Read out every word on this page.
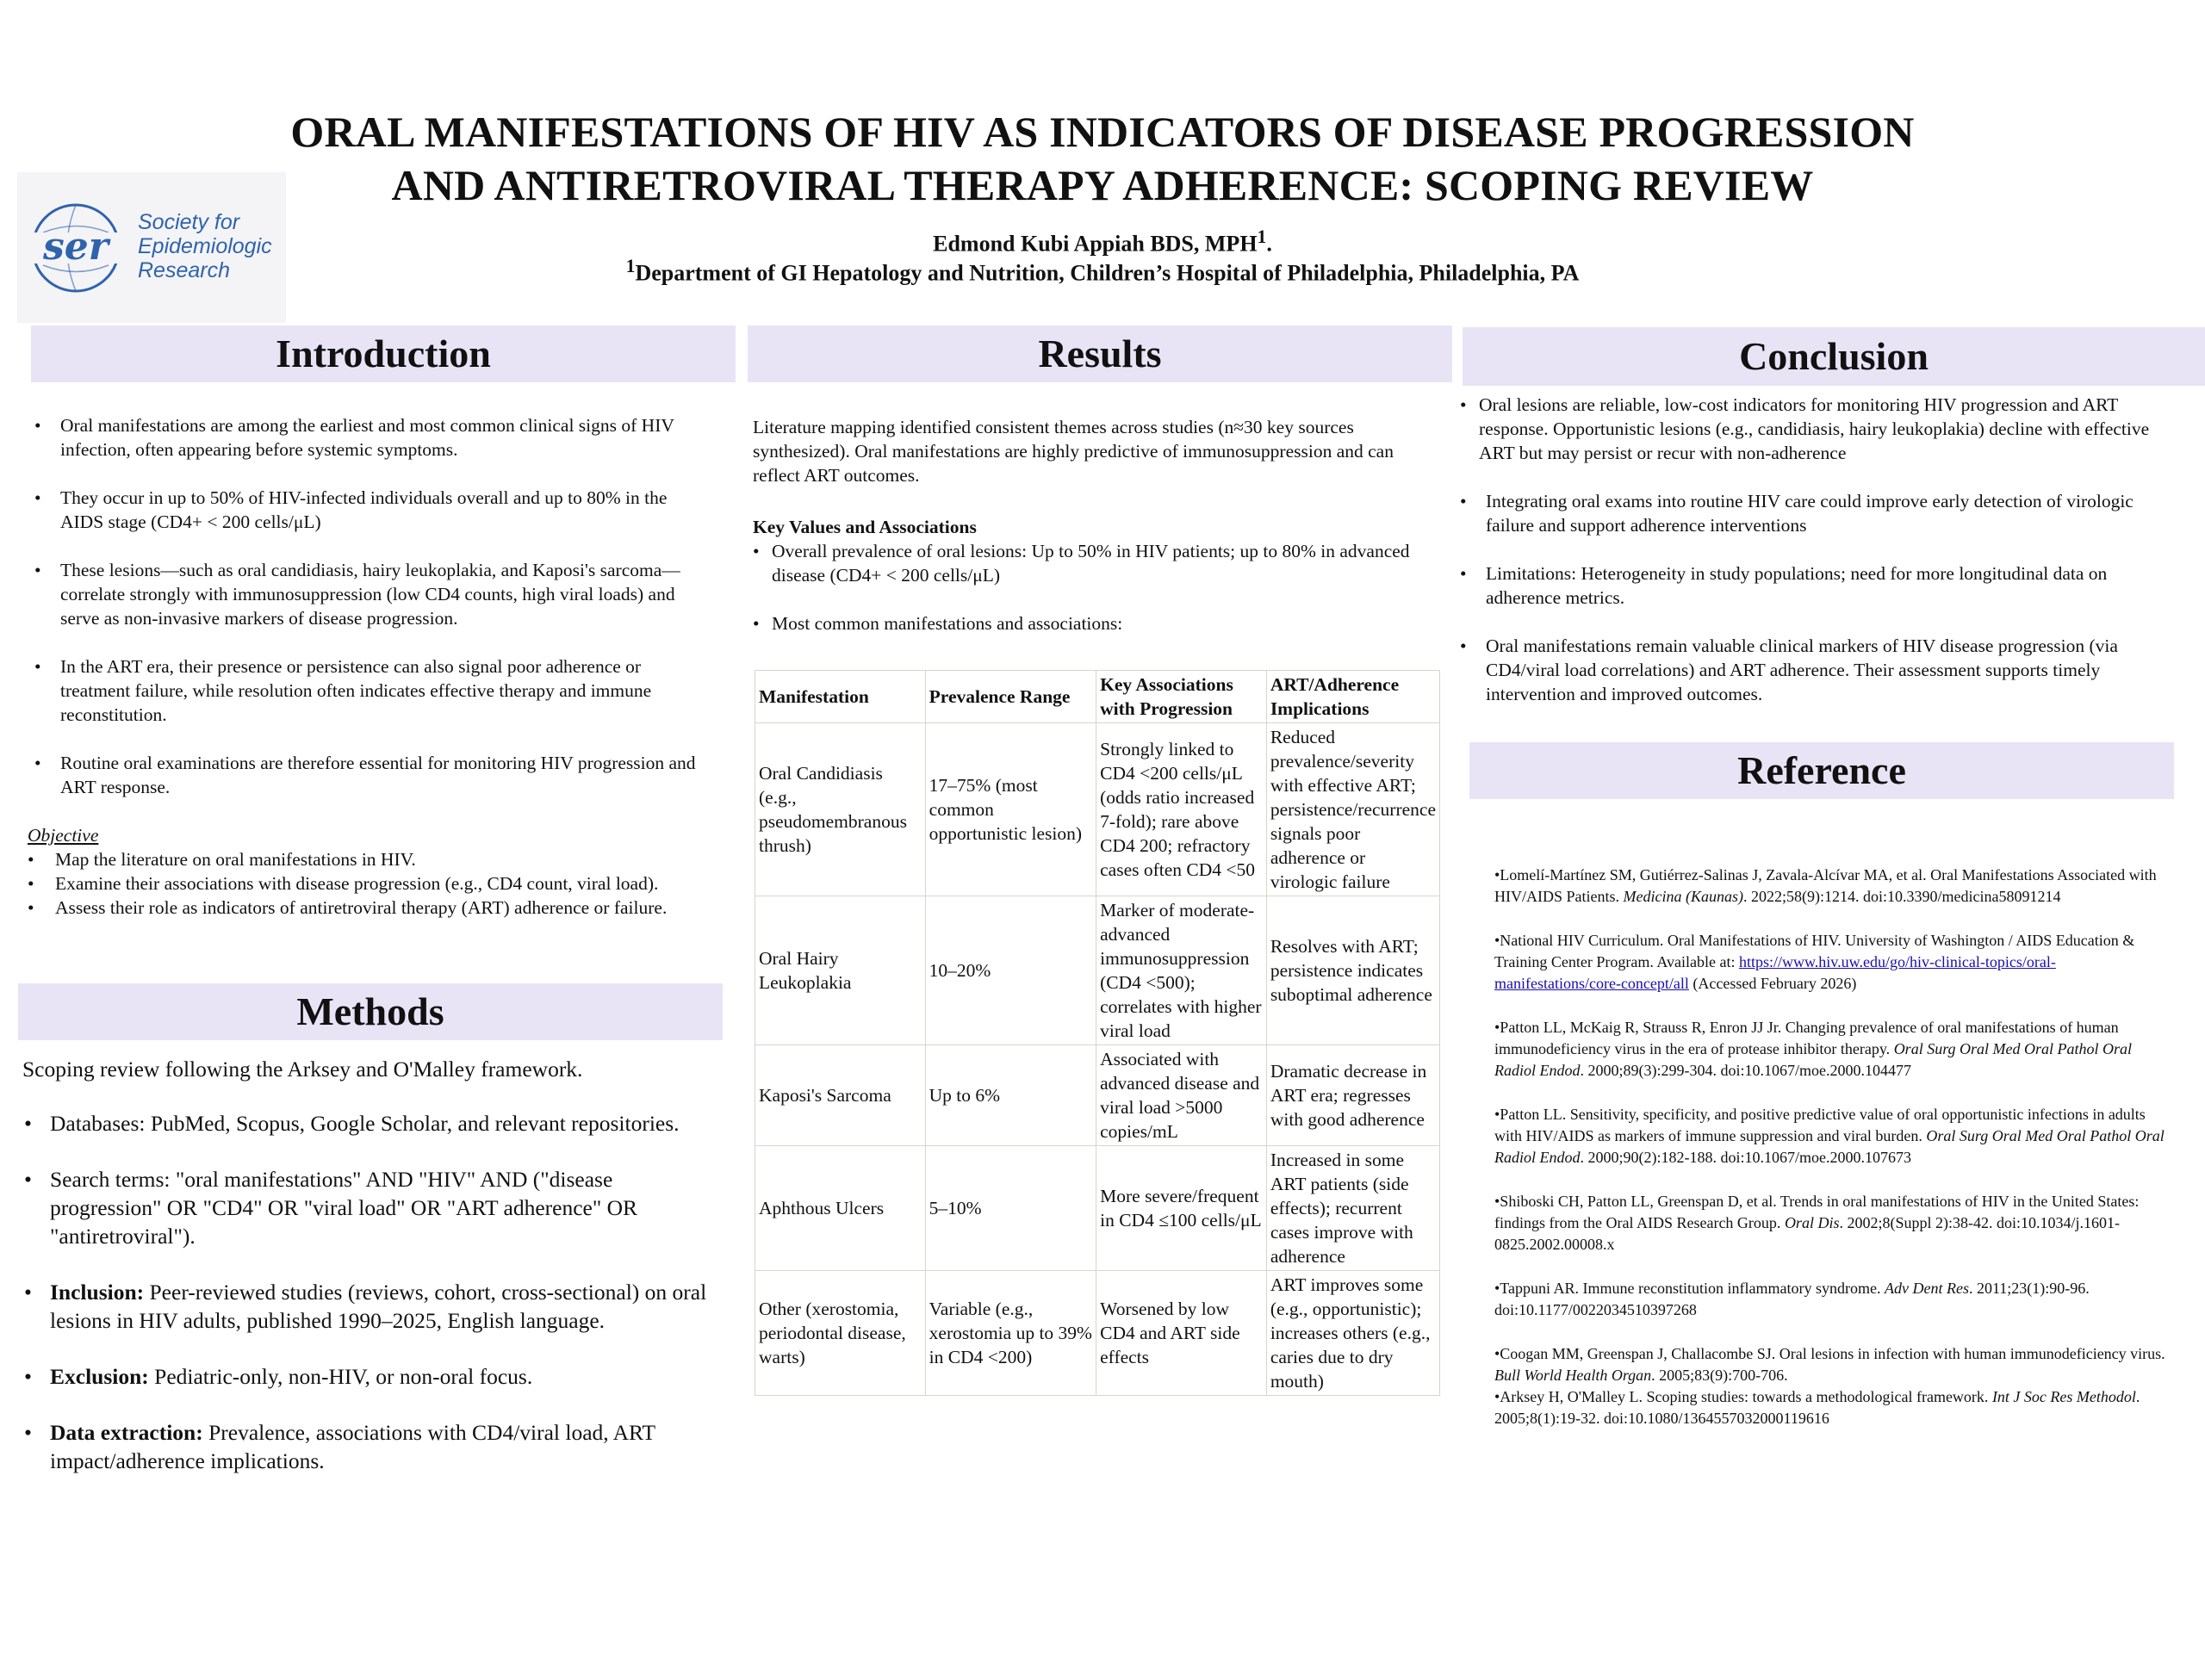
ORAL MANIFESTATIONS OF HIV AS INDICATORS OF DISEASE PROGRESSION
AND ANTIRETROVIRAL THERAPY ADHERENCE: SCOPING REVIEW
Edmond Kubi Appiah BDS, MPH$^1$.
$^1$Department of GI Hepatology and Nutrition, Children’s Hospital of Philadelphia, Philadelphia, PA
ser
Society for
Epidemiologic
Research
Introduction	Results	Conclusion
Methods
Reference
• Oral manifestations are among the earliest and most common clinical signs of HIV infection, often appearing before systemic symptoms.
• They occur in up to 50% of HIV-infected individuals overall and up to 80% in the AIDS stage (CD4+ < 200 cells/μL)
• These lesions—such as oral candidiasis, hairy leukoplakia, and Kaposi's sarcoma—correlate strongly with immunosuppression (low CD4 counts, high viral loads) and serve as non-invasive markers of disease progression.
• In the ART era, their presence or persistence can also signal poor adherence or treatment failure, while resolution often indicates effective therapy and immune reconstitution.
• Routine oral examinations are therefore essential for monitoring HIV progression and ART response.
Objective
• Map the literature on oral manifestations in HIV.
• Examine their associations with disease progression (e.g., CD4 count, viral load).
• Assess their role as indicators of antiretroviral therapy (ART) adherence or failure.
Scoping review following the Arksey and O'Malley framework.
• Databases: PubMed, Scopus, Google Scholar, and relevant repositories.
• Search terms: "oral manifestations" AND "HIV" AND ("disease progression" OR "CD4" OR "viral load" OR "ART adherence" OR "antiretroviral").
• Inclusion: Peer-reviewed studies (reviews, cohort, cross-sectional) on oral lesions in HIV adults, published 1990–2025, English language.
• Exclusion: Pediatric-only, non-HIV, or non-oral focus.
• Data extraction: Prevalence, associations with CD4/viral load, ART impact/adherence implications.
Literature mapping identified consistent themes across studies (n≈30 key sources synthesized). Oral manifestations are highly predictive of immunosuppression and can reflect ART outcomes.
Key Values and Associations
• Overall prevalence of oral lesions: Up to 50% in HIV patients; up to 80% in advanced disease (CD4+ < 200 cells/μL)
• Most common manifestations and associations:
Manifestation	Prevalence Range	Key Associations with Progression	ART/Adherence Implications
Oral Candidiasis (e.g., pseudomembranous thrush)	17–75% (most common opportunistic lesion)	Strongly linked to CD4 <200 cells/μL (odds ratio increased 7-fold); rare above CD4 200; refractory cases often CD4 <50	Reduced prevalence/severity with effective ART; persistence/recurrence signals poor adherence or virologic failure
Oral Hairy Leukoplakia	10–20%	Marker of moderate-advanced immunosuppression (CD4 <500); correlates with higher viral load	Resolves with ART; persistence indicates suboptimal adherence
Kaposi's Sarcoma	Up to 6%	Associated with advanced disease and viral load >5000 copies/mL	Dramatic decrease in ART era; regresses with good adherence
Aphthous Ulcers	5–10%	More severe/frequent in CD4 ≤100 cells/μL	Increased in some ART patients (side effects); recurrent cases improve with adherence
Other (xerostomia, periodontal disease, warts)	Variable (e.g., xerostomia up to 39% in CD4 <200)	Worsened by low CD4 and ART side effects	ART improves some (e.g., opportunistic); increases others (e.g., caries due to dry mouth)
• Oral lesions are reliable, low-cost indicators for monitoring HIV progression and ART response. Opportunistic lesions (e.g., candidiasis, hairy leukoplakia) decline with effective ART but may persist or recur with non-adherence
• Integrating oral exams into routine HIV care could improve early detection of virologic failure and support adherence interventions
• Limitations: Heterogeneity in study populations; need for more longitudinal data on adherence metrics.
• Oral manifestations remain valuable clinical markers of HIV disease progression (via CD4/viral load correlations) and ART adherence. Their assessment supports timely intervention and improved outcomes.

•Lomelí-Martínez SM, Gutiérrez-Salinas J, Zavala-Alcívar MA, et al. Oral Manifestations Associated with HIV/AIDS Patients. Medicina (Kaunas). 2022;58(9):1214. doi:10.3390/medicina58091214

•National HIV Curriculum. Oral Manifestations of HIV. University of Washington / AIDS Education & Training Center Program. Available at: https://www.hiv.uw.edu/go/hiv-clinical-topics/oral-manifestations/core-concept/all (Accessed February 2026)

•Patton LL, McKaig R, Strauss R, Enron JJ Jr. Changing prevalence of oral manifestations of human immunodeficiency virus in the era of protease inhibitor therapy. Oral Surg Oral Med Oral Pathol Oral Radiol Endod. 2000;89(3):299-304. doi:10.1067/moe.2000.104477

•Patton LL. Sensitivity, specificity, and positive predictive value of oral opportunistic infections in adults with HIV/AIDS as markers of immune suppression and viral burden. Oral Surg Oral Med Oral Pathol Oral Radiol Endod. 2000;90(2):182-188. doi:10.1067/moe.2000.107673

•Shiboski CH, Patton LL, Greenspan D, et al. Trends in oral manifestations of HIV in the United States: findings from the Oral AIDS Research Group. Oral Dis. 2002;8(Suppl 2):38-42. doi:10.1034/j.1601-0825.2002.00008.x

•Tappuni AR. Immune reconstitution inflammatory syndrome. Adv Dent Res. 2011;23(1):90-96. doi:10.1177/0022034510397268

•Coogan MM, Greenspan J, Challacombe SJ. Oral lesions in infection with human immunodeficiency virus. Bull World Health Organ. 2005;83(9):700-706.

•Arksey H, O'Malley L. Scoping studies: towards a methodological framework. Int J Soc Res Methodol. 2005;8(1):19-32. doi:10.1080/1364557032000119616
